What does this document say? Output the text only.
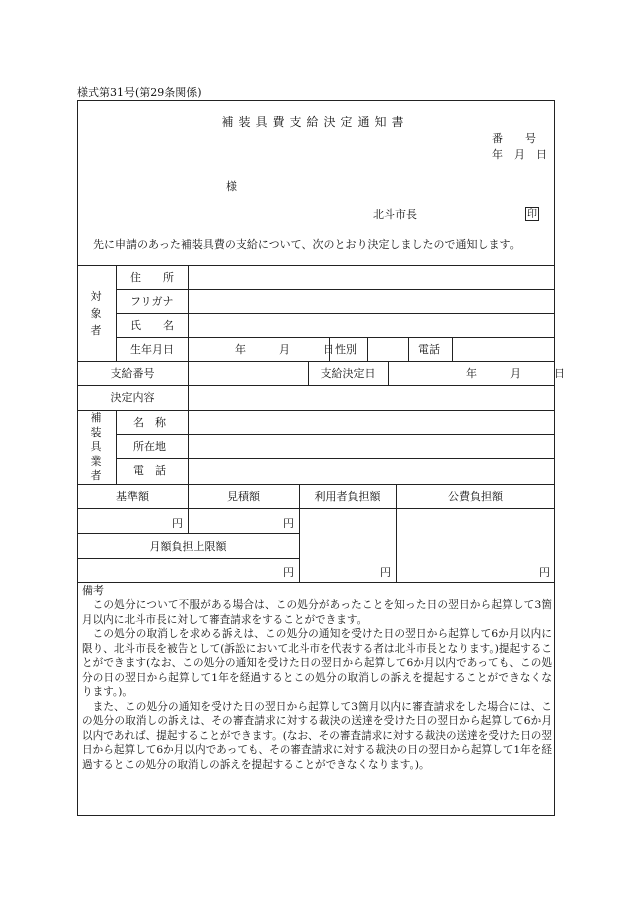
様式第31号(第29条関係)
補装具費支給決定通知書
番　　号
年　月　日
様
北斗市長	印
先に申請のあった補装具費の支給について、次のとおり決定しましたので通知します。
対
象
者
住　　所
フリガナ
氏　　名
生年月日	年　　　月　　　日 性別	電話
支給番号	支給決定日	年　　　月　　　日
決定内容
補
装
具
業
者
名　称
所在地
電　話
基準額	見積額	利用者負担額	公費負担額
円	円
月額負担上限額
円	円	円
備考

この処分について不服がある場合は、この処分があったことを知った日の翌日から起算して3箇月以内に北斗市長に対して審査請求をすることができます。

この処分の取消しを求める訴えは、この処分の通知を受けた日の翌日から起算して6か月以内に限り、北斗市長を被告として(訴訟において北斗市を代表する者は北斗市長となります。)提起することができます(なお、この処分の通知を受けた日の翌日から起算して6か月以内であっても、この処分の日の翌日から起算して1年を経過するとこの処分の取消しの訴えを提起することができなくなります。)。

また、この処分の通知を受けた日の翌日から起算して3箇月以内に審査請求をした場合には、この処分の取消しの訴えは、その審査請求に対する裁決の送達を受けた日の翌日から起算して6か月以内であれば、提起することができます。(なお、その審査請求に対する裁決の送達を受けた日の翌日から起算して6か月以内であっても、その審査請求に対する裁決の日の翌日から起算して1年を経過するとこの処分の取消しの訴えを提起することができなくなります。)。
